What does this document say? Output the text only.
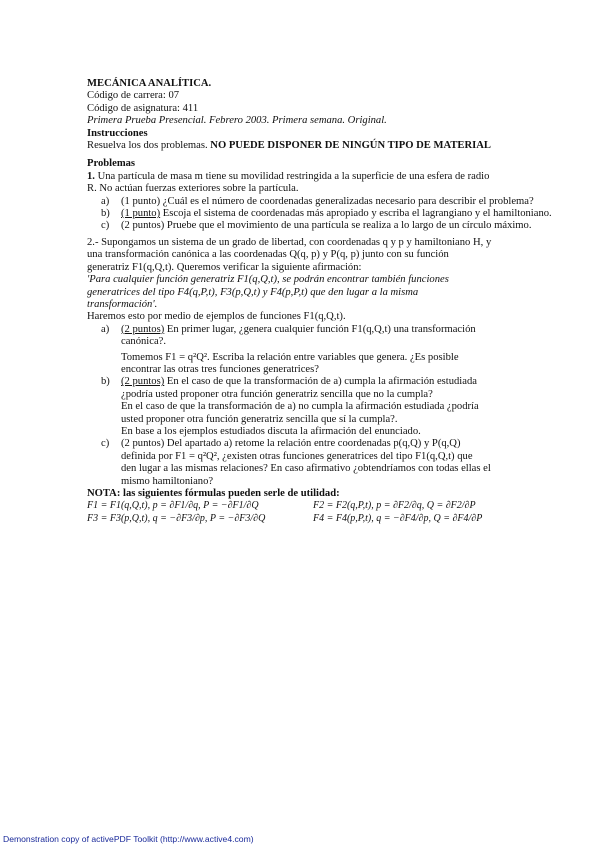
MECÁNICA ANALÍTICA.
Código de carrera: 07
Código de asignatura: 411
Primera Prueba Presencial. Febrero 2003. Primera semana. Original.
Instrucciones
Resuelva los dos problemas. NO PUEDE DISPONER DE NINGÚN TIPO DE MATERIAL
Problemas
1. Una partícula de masa m tiene su movilidad restringida a la superficie de una esfera de radio
R. No actúan fuerzas exteriores sobre la partícula.
a)	(1 punto) ¿Cuál es el número de coordenadas generalizadas necesario para describir el problema?
b)	(1 punto) Escoja el sistema de coordenadas más apropiado y escriba el lagrangiano y el hamiltoniano.
c)	(2 puntos) Pruebe que el movimiento de una partícula se realiza a lo largo de un círculo máximo.
2.- Supongamos un sistema de un grado de libertad, con coordenadas q y p y hamiltoniano H, y
una transformación canónica a las coordenadas Q(q, p) y P(q, p) junto con su función
generatriz F1(q,Q,t). Queremos verificar la siguiente afirmación:
'Para cualquier función generatriz F1(q,Q,t), se podrán encontrar también funciones
generatrices del tipo F4(q,P,t), F3(p,Q,t) y F4(p,P,t) que den lugar a la misma
transformación'.
Haremos esto por medio de ejemplos de funciones F1(q,Q,t).
a)	(2 puntos) En primer lugar, ¿genera cualquier función F1(q,Q,t) una transformación
canónica?.
Tomemos F1 = q²Q². Escriba la relación entre variables que genera. ¿Es posible
encontrar las otras tres funciones generatrices?
b)	(2 puntos) En el caso de que la transformación de a) cumpla la afirmación estudiada
¿podría usted proponer otra función generatriz sencilla que no la cumpla?
En el caso de que la transformación de a) no cumpla la afirmación estudiada ¿podría
usted proponer otra función generatriz sencilla que sí la cumpla?.
En base a los ejemplos estudiados discuta la afirmación del enunciado.
c)	(2 puntos) Del apartado a) retome la relación entre coordenadas p(q,Q) y P(q,Q)
definida por F1 = q²Q², ¿existen otras funciones generatrices del tipo F1(q,Q,t) que
den lugar a las mismas relaciones? En caso afirmativo ¿obtendríamos con todas ellas el
mismo hamiltoniano?
NOTA: las siguientes fórmulas pueden serle de utilidad:
F1 = F1(q,Q,t), p = ∂F1/∂q, P = −∂F1/∂Q	F2 = F2(q,P,t), p = ∂F2/∂q, Q = ∂F2/∂P
F3 = F3(p,Q,t), q = −∂F3/∂p, P = −∂F3/∂Q	F4 = F4(p,P,t), q = −∂F4/∂p, Q = ∂F4/∂P
Demonstration copy of activePDF Toolkit (http://www.active4.com)
